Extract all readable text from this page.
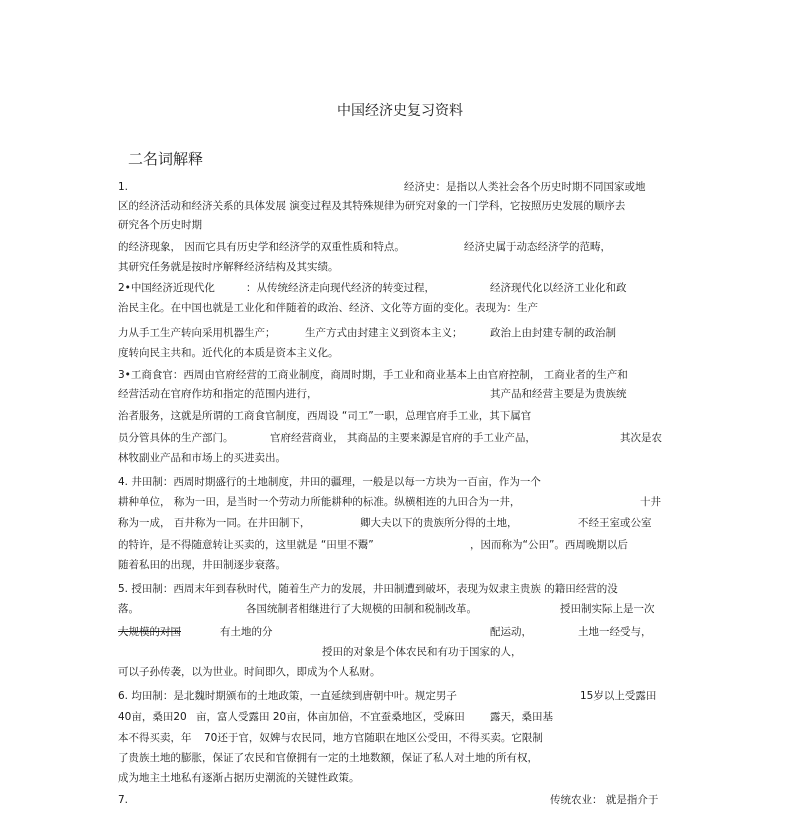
中国经济史复习资料
二名词解释
1.	经济史：是指以人类社会各个历史时期不同国家或地
区的经济活动和经济关系的具体发展 演变过程及其特殊规律为研究对象的一门学科，它按照历史发展的顺序去
研究各个历史时期
的经济现象， 因而它具有历史学和经济学的双重性质和特点。	经济史属于动态经济学的范畴，
其研究任务就是按时序解释经济结构及其实绩。
2•中国经济近现代化	：从传统经济走向现代经济的转变过程，	经济现代化以经济工业化和政
治民主化。在中国也就是工业化和伴随着的政治、经济、文化等方面的变化。表现为：生产
力从手工生产转向采用机器生产；	生产方式由封建主义到资本主义；	政治上由封建专制的政治制
度转向民主共和。近代化的本质是资本主义化。
3•工商食官：西周由官府经营的工商业制度，商周时期，手工业和商业基本上由官府控制， 工商业者的生产和
经营活动在官府作坊和指定的范围内进行，	其产品和经营主要是为贵族统
治者服务，这就是所谓的工商食官制度，西周设 “司工”一职，总理官府手工业，其下属官
员分管具体的生产部门。	官府经营商业， 其商品的主要来源是官府的手工业产品，	其次是农
林牧副业产品和市场上的买进卖出。
4. 井田制：西周时期盛行的土地制度，井田的疆理，一般是以每一方块为一百亩，作为一个
耕种单位， 称为一田，是当时一个劳动力所能耕种的标准。纵横相连的九田合为一井，	十井
称为一成， 百井称为一同。在井田制下，	卿大夫以下的贵族所分得的土地，	不经王室或公室
的特许，是不得随意转让买卖的，这里就是 “田里不鬻”	，因而称为“公田”。西周晚期以后
随着私田的出现，井田制逐步衰落。
5. 授田制：西周末年到春秋时代，随着生产力的发展，井田制遭到破坏，表现为奴隶主贵族 的籍田经营的没
落。	各国统制者相继进行了大规模的田制和税制改革。	授田制实际上是一次
大规模的对国	有土地的分	配运动，	土地一经受与，
授田的对象是个体农民和有功于国家的人，
可以子孙传袭，以为世业。时间即久，即成为个人私财。
6. 均田制：是北魏时期颁布的土地政策，一直延续到唐朝中叶。规定男子	15岁以上受露田
40亩，桑田20 亩，富人受露田 20亩，体亩加倍，不宜蚕桑地区，受麻田 露天，桑田基
本不得买卖，年 70还于官，奴婢与农民同，地方官随职在地区公受田，不得买卖。它限制
了贵族土地的膨胀，保证了农民和官僚拥有一定的土地数额，保证了私人对土地的所有权，
成为地主土地私有逐渐占据历史潮流的关键性政策。
7.	传统农业： 就是指介于
